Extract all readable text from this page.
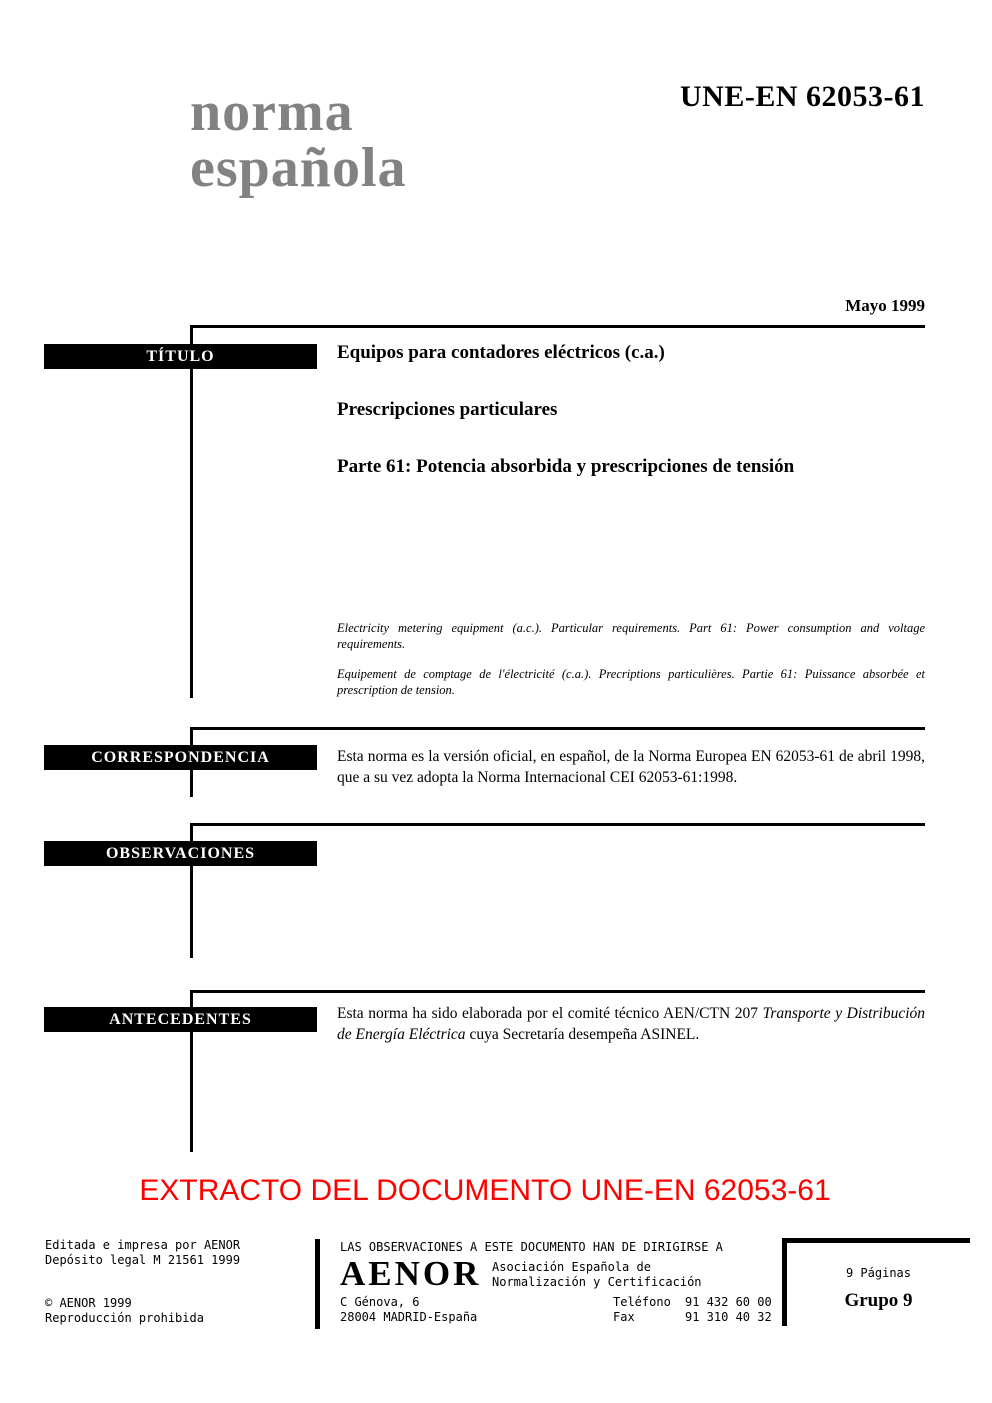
norma
española
UNE-EN 62053-61
Mayo 1999
TÍTULO	Equipos para contadores eléctricos (c.a.)
Prescripciones particulares
Parte 61: Potencia absorbida y prescripciones de tensión
Electricity metering equipment (a.c.). Particular requirements. Part 61: Power consumption and voltage requirements.
Equipement de comptage de l'électricité (c.a.). Precriptions particulières. Partie 61: Puissance absorbée et prescription de tension.
CORRESPONDENCIA	Esta norma es la versión oficial, en español, de la Norma Europea EN 62053-61 de abril 1998, que a su vez adopta la Norma Internacional CEI 62053-61:1998.
OBSERVACIONES
ANTECEDENTES	Esta norma ha sido elaborada por el comité técnico AEN/CTN 207 Transporte y Distribución de Energía Eléctrica cuya Secretaría desempeña ASINEL.
EXTRACTO DEL DOCUMENTO UNE-EN 62053-61
Editada e impresa por AENOR
Depósito legal M 21561 1999
© AENOR 1999
Reproducción prohibida
LAS OBSERVACIONES A ESTE DOCUMENTO HAN DE DIRIGIRSE A
AENOR Asociación Española de
Normalización y Certificación
C Génova, 6
28004 MADRID-España
Teléfono	91 432 60 00
Fax	91 310 40 32
9 Páginas
Grupo 9
